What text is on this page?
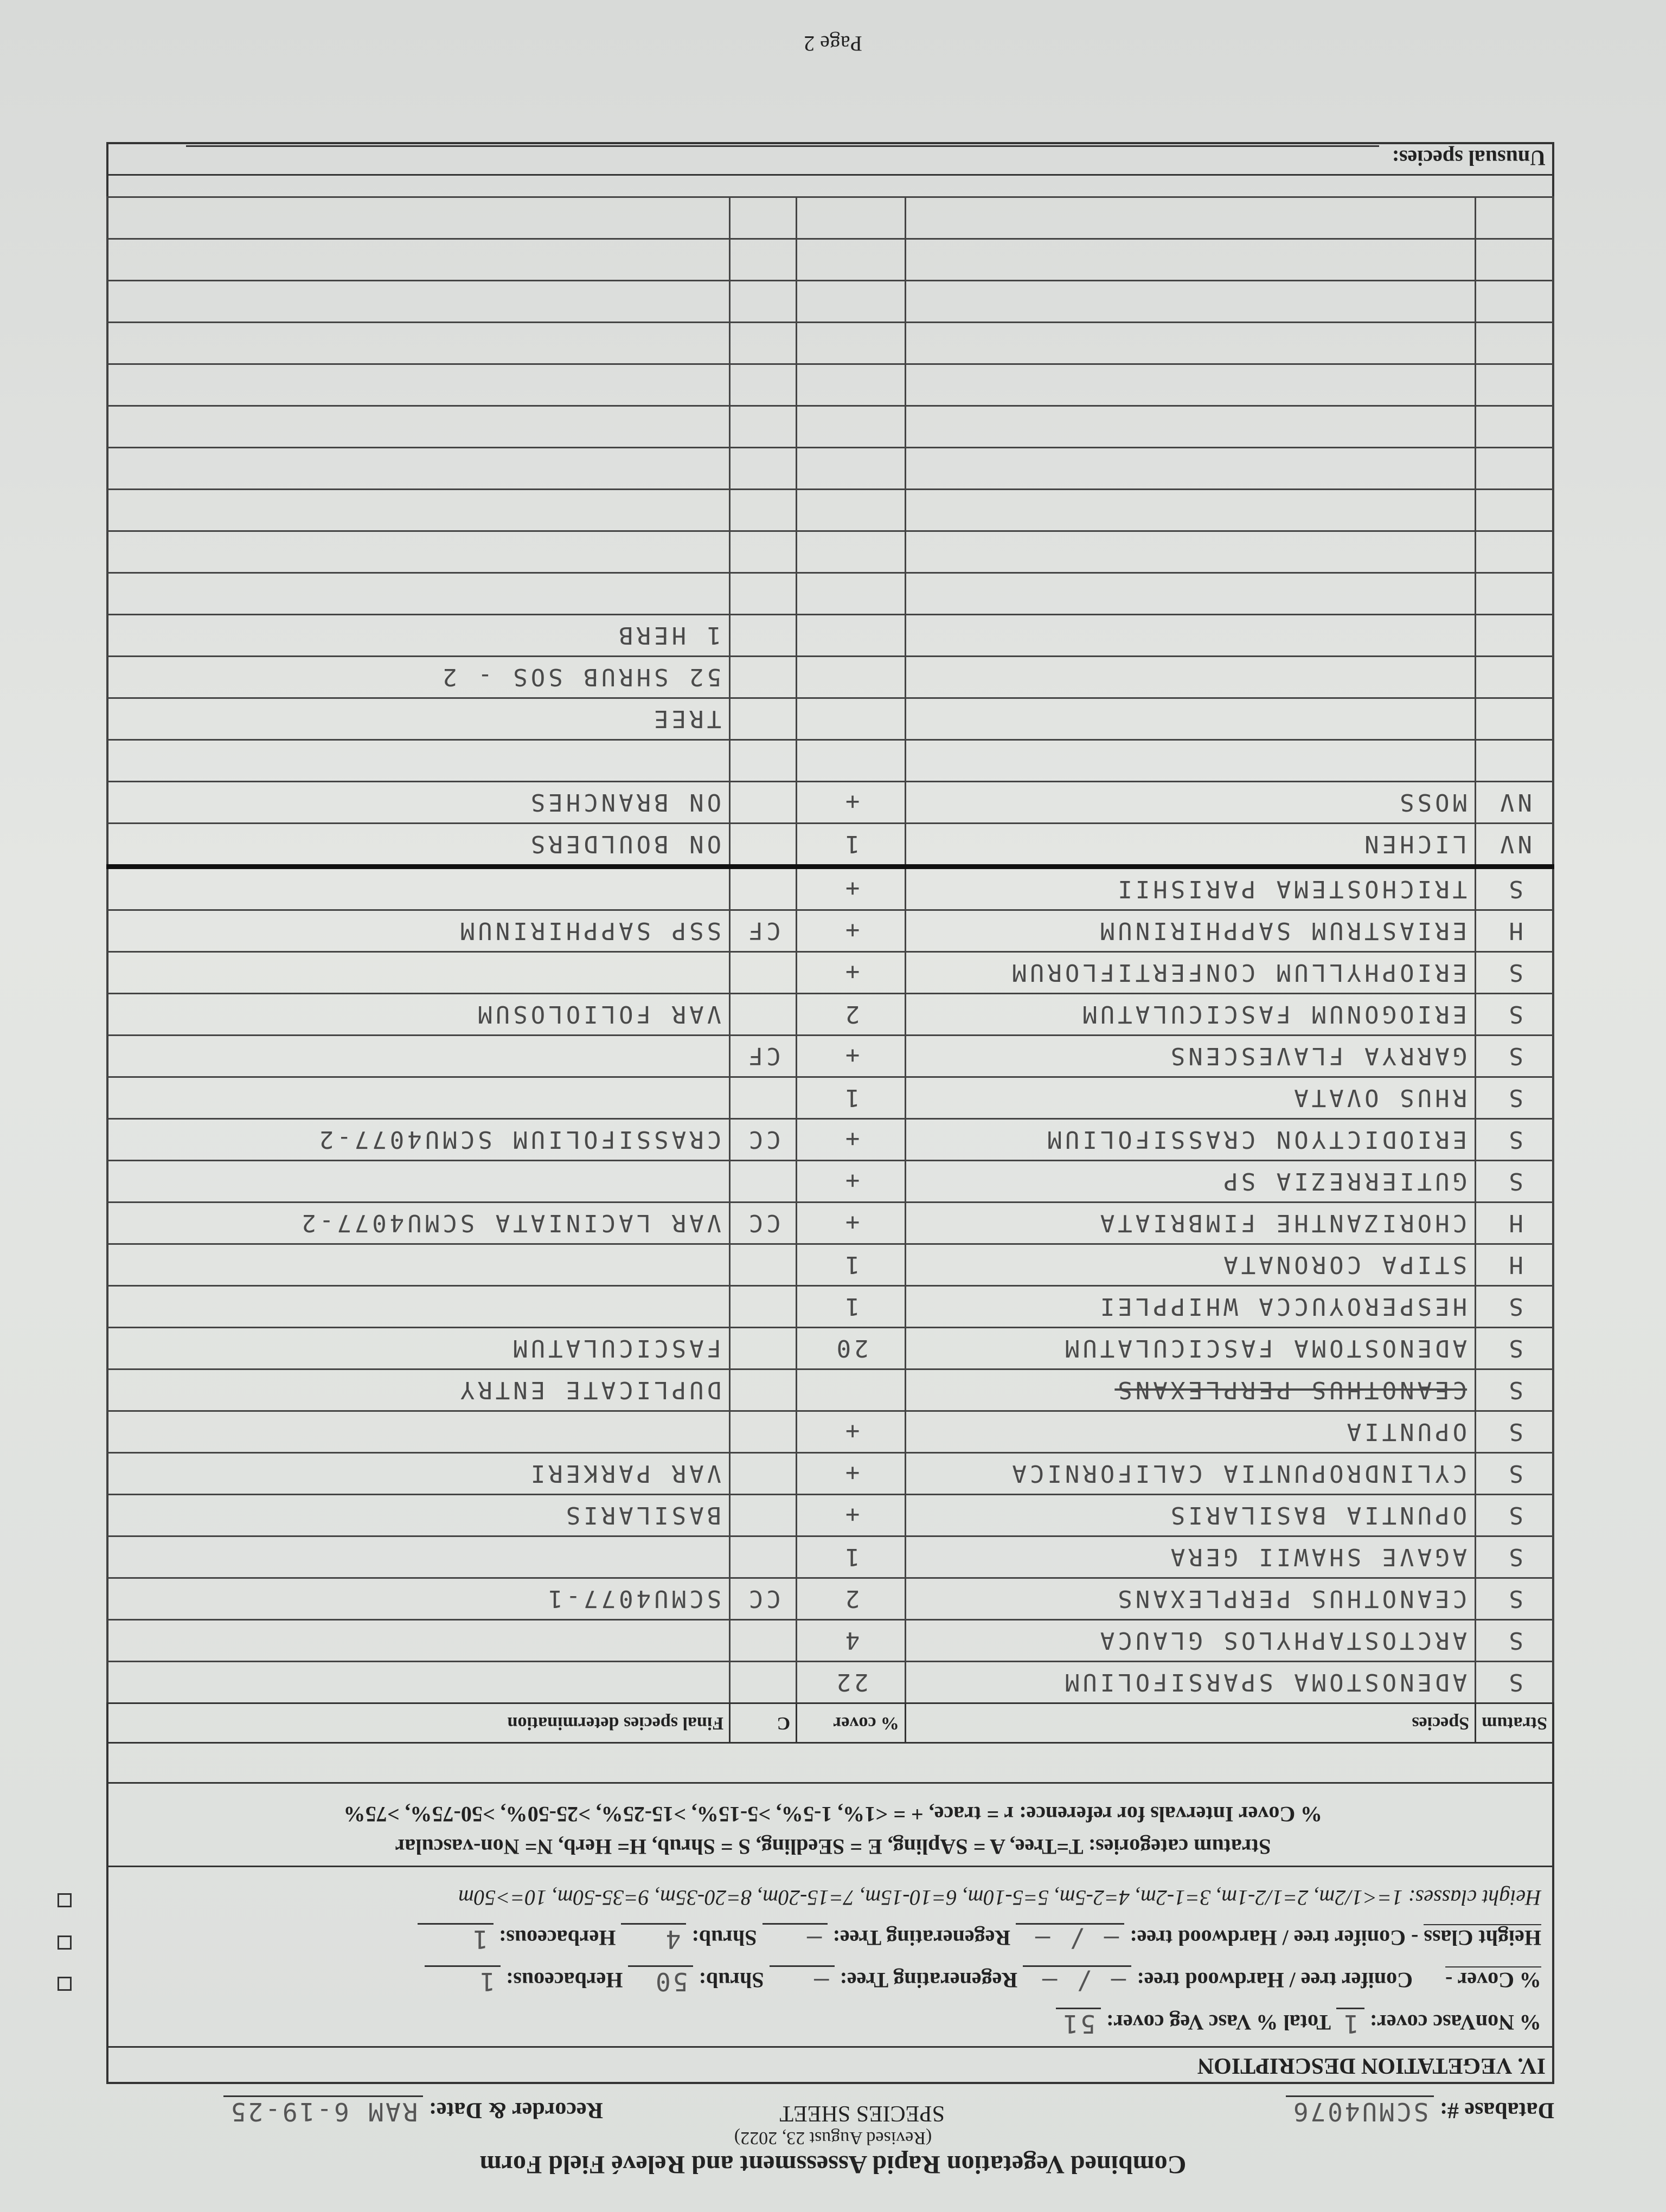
Combined Vegetation Rapid Assessment and Relevé Field Form
(Revised August 23, 2022)
Database #: SCMU4076
SPECIES SHEET
Recorder & Date: RAM 6-19-25
IV. VEGETATION DESCRIPTION
% NonVasc cover: 1 Total % Vasc Veg cover: 51
% Cover -      Conifer tree / Hardwood tree: – / – Regenerating Tree: – Shrub: 50 Herbaceous: 1
Height Class - Conifer tree / Hardwood tree: – / – Regenerating Tree: – Shrub: 4 Herbaceous: 1
Height classes: 1=<1/2m, 2=1/2-1m, 3=1-2m, 4=2-5m, 5=5-10m, 6=10-15m, 7=15-20m, 8=20-35m, 9=35-50m, 10=>50m
Stratum categories: T=Tree, A = SApling, E = SEedling, S = Shrub, H= Herb, N= Non-vascular
% Cover Intervals for reference: r = trace, + = <1%, 1-5%, >5-15%, >15-25%, >25-50%, >50-75%, >75%
Stratum	Species	% cover	C	Final species determination
S	ADENOSTOMA SPARSIFOLIUM	22		
S	ARCTOSTAPHYLOS GLAUCA	4		
S	CEANOTHUS PERPLEXANS	2	CC	SCMU4077-1
S	AGAVE SHAWII GERA	1		
S	OPUNTIA BASILARIS	+		BASILARIS
S	CYLINDROPUNTIA CALIFORNICA	+		VAR PARKERI
S	OPUNTIA	+		
S	CEANOTHUS PERPLEXANS			DUPLICATE ENTRY
S	ADENOSTOMA FASCICULATUM	20		FASCICULATUM
S	HESPEROYUCCA WHIPPLEI	1		
H	STIPA CORONATA	1		
H	CHORIZANTHE FIMBRIATA	+	CC	VAR LACINIATA SCMU4077-2
S	GUTIERREZIA SP	+		
S	ERIODICTYON CRASSIFOLIUM	+	CC	CRASSIFOLIUM SCMU4077-2
S	RHUS OVATA	1		
S	GARRYA FLAVESCENS	+	CF	
S	ERIOGONUM FASCICULATUM	2		VAR FOLIOLOSUM
S	ERIOPHYLLUM CONFERTIFLORUM	+		
H	ERIASTRUM SAPPHIRINUM	+	CF	SSP SAPPHIRINUM
S	TRICHOSTEMA PARISHII	+		
NV	LICHEN	1		ON BOULDERS
NV	MOSS	+		ON BRANCHES

				TREE
				52 SHRUB SOS - 2
				1 HERB

Unusual species:
Page 2
